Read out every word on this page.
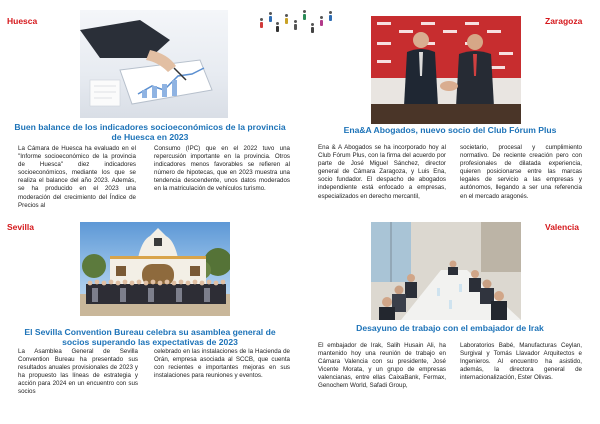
Huesca
Buen balance de los indicadores socioeconómicos de la provincia
de Huesca en 2023
La Cámara de Huesca ha evaluado en el "Informe socioeconómico de la provincia de Huesca" diez indicadores socioeconómicos, mediante los que se realiza el balance del año 2023. Además, se ha producido en el 2023 una moderación del crecimiento del Índice de Precios al
Consumo (IPC) que en el 2022 tuvo una repercusión importante en la provincia. Otros indicadores menos favorables se refieren al número de hipotecas, que en 2023 muestra una tendencia descendente, unos datos moderados en la matriculación de vehículos turismo.
Zaragoza
Ena&A Abogados, nuevo socio del Club Fórum Plus
Ena & A Abogados se ha incorporado hoy al Club Fórum Plus, con la firma del acuerdo por parte de José Miguel Sánchez, director general de Cámara Zaragoza, y Luis Ena, socio fundador. El despacho de abogados independiente está enfocado a empresas, especializados en derecho mercantil,
societario, procesal y cumplimiento normativo. De reciente creación pero con profesionales de dilatada experiencia, quieren posicionarse entre las marcas legales de servicio a las empresas y autónomos, llegando a ser una referencia en el mercado aragonés.
Sevilla
El Sevilla Convention Bureau celebra su asamblea general de
socios superando las expectativas de 2023
La Asamblea General de Sevilla Convention Bureau ha presentado sus resultados anuales provisionales de 2023 y ha propuesto las líneas de estrategia y acción para 2024 en un encuentro con sus socios
celebrado en las instalaciones de la Hacienda de Orán, empresa asociada al SCCB, que cuenta con recientes e importantes mejoras en sus instalaciones para reuniones y eventos.
Valencia
Desayuno de trabajo con el embajador de Irak
El embajador de Irak, Salih Husain Ali, ha mantenido hoy una reunión de trabajo en Cámara Valencia con su presidente, José Vicente Morata, y un grupo de empresas valencianas, entre ellas CaixaBank, Fermax, Genochem World, Safadi Group,
Laboratorios Babé, Manufacturas Ceylan, Surgival y Tomás Llavador Arquitectos e Ingenieros. Al encuentro ha asistido, además, la directora general de internacionalización, Ester Olivas.
